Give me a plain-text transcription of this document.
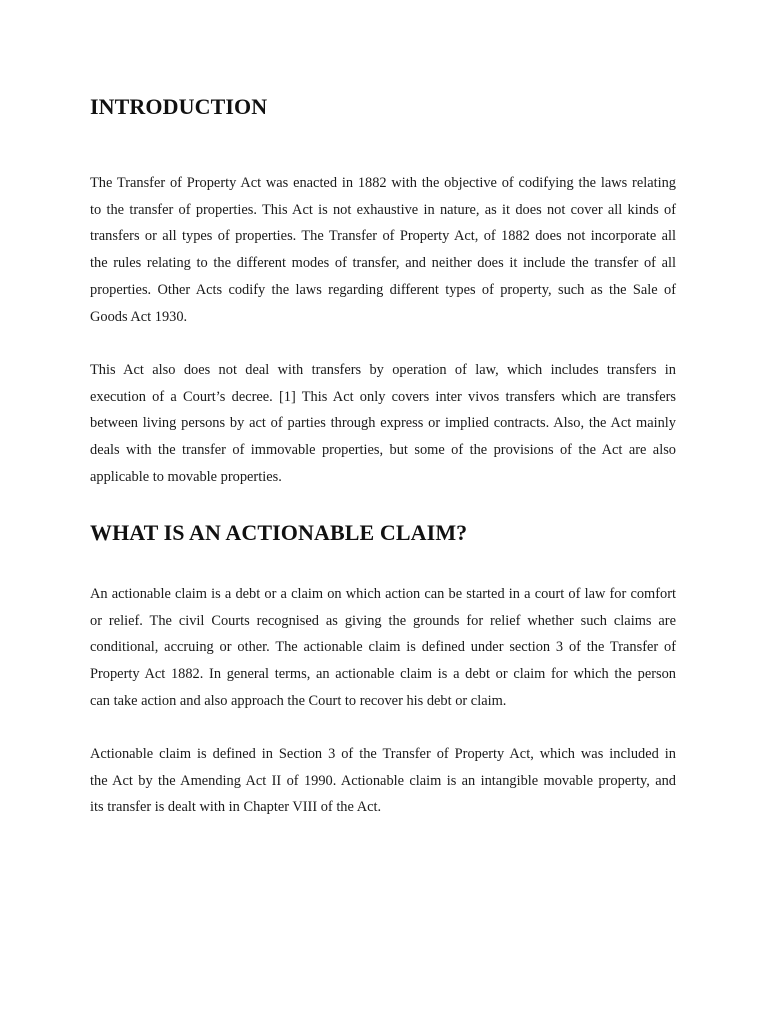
INTRODUCTION
The Transfer of Property Act was enacted in 1882 with the objective of codifying the laws relating
to the transfer of properties. This Act is not exhaustive in nature, as it does not cover all kinds of
transfers or all types of properties. The Transfer of Property Act, of 1882 does not incorporate all
the rules relating to the different modes of transfer, and neither does it include the transfer of all
properties. Other Acts codify the laws regarding different types of property, such as the Sale of
Goods Act 1930.
This Act also does not deal with transfers by operation of law, which includes transfers in
execution of a Court’s decree. [1] This Act only covers inter vivos transfers which are transfers
between living persons by act of parties through express or implied contracts. Also, the Act mainly
deals with the transfer of immovable properties, but some of the provisions of the Act are also
applicable to movable properties.
WHAT IS AN ACTIONABLE CLAIM?
An actionable claim is a debt or a claim on which action can be started in a court of law for comfort
or relief. The civil Courts recognised as giving the grounds for relief whether such claims are
conditional, accruing or other. The actionable claim is defined under section 3 of the Transfer of
Property Act 1882. In general terms, an actionable claim is a debt or claim for which the person
can take action and also approach the Court to recover his debt or claim.
Actionable claim is defined in Section 3 of the Transfer of Property Act, which was included in
the Act by the Amending Act II of 1990. Actionable claim is an intangible movable property, and
its transfer is dealt with in Chapter VIII of the Act.
